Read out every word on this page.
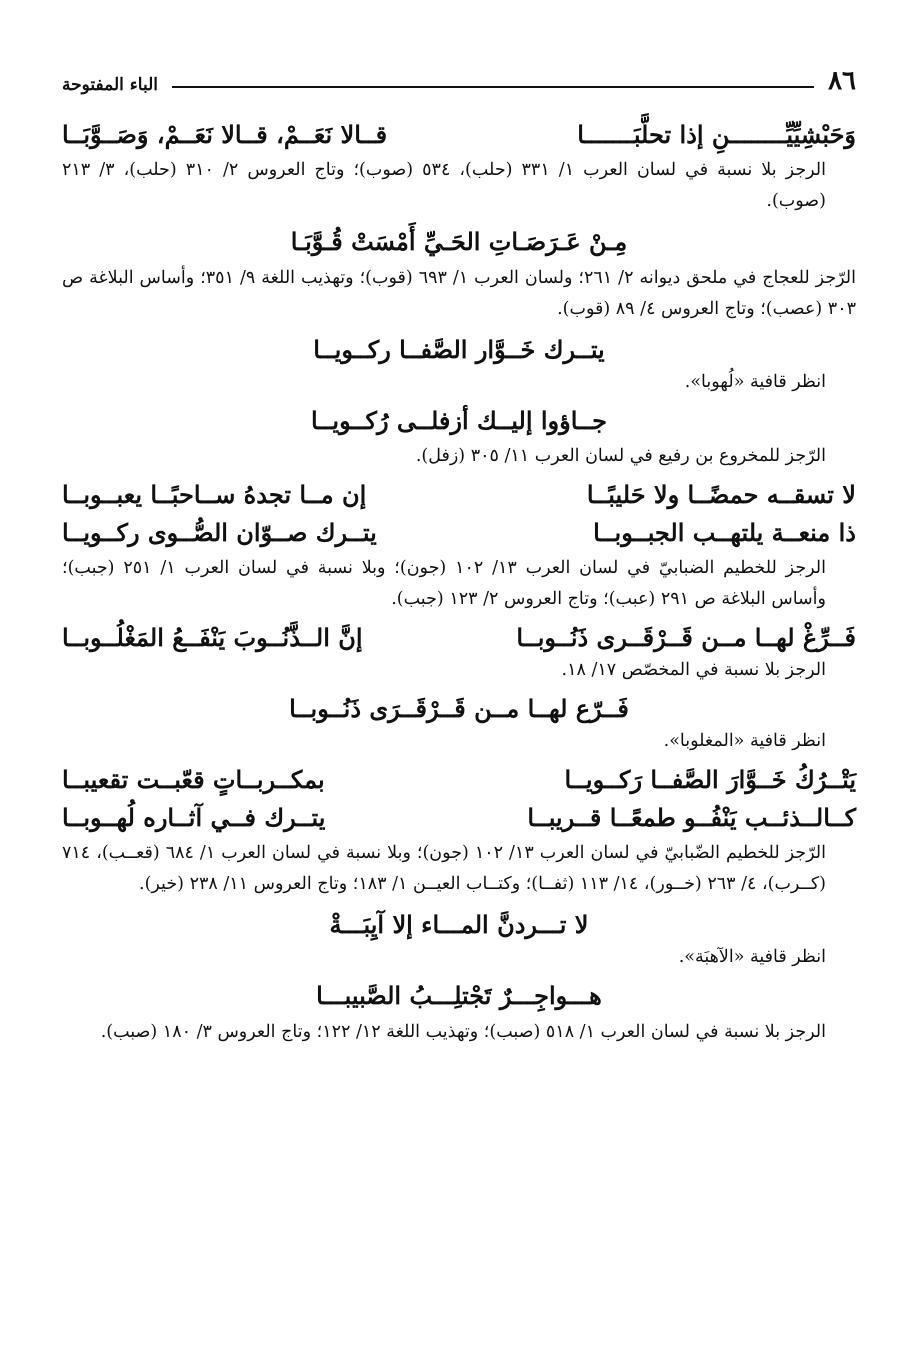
٨٦
الباء المفتوحة
وَحَبْشِيِّيِّــــــــنِ إذا تحلَّبَـــــــا
قــالا نَعَــمْ، قــالا نَعَــمْ، وَصَــوَّبَــا

الرجز بلا نسبة في لسان العرب ١/ ٣٣١ (حلب)، ٥٣٤ (صوب)؛ وتاج العروس ٢/ ٣١٠ (حلب)، ٣/ ٢١٣ (صوب).

مِـنْ عَـرَصَـاتِ الحَـيِّ أَمْسَتْ قُـوَّبَـا

الرّجز للعجاج في ملحق ديوانه ٢/ ٢٦١؛ ولسان العرب ١/ ٦٩٣ (قوب)؛ وتهذيب اللغة ٩/ ٣٥١؛ وأساس البلاغة ص ٣٠٣ (عصب)؛ وتاج العروس ٤/ ٨٩ (قوب).

يتــرك خَــوَّار الصَّفــا ركــويــا

انظر قافية «لُهوبا».

جــاؤوا إليــك أزفلــى رُكــويــا

الرّجز للمخروع بن رفيع في لسان العرب ١١/ ٣٠٥ (زفل).

لا تسقــه حمضًــا ولا حَليبًــا
إن مــا تجدهُ ســاحبًــا يعبــوبــا
ذا منعــة يلتهــب الجبــوبــا
يتــرك صــوّان الصُّــوى ركــويــا

الرجز للخطيم الضبابيّ في لسان العرب ١٣/ ١٠٢ (جون)؛ وبلا نسبة في لسان العرب ١/ ٢٥١ (جبب)؛ وأساس البلاغة ص ٢٩١ (عبب)؛ وتاج العروس ٢/ ١٢٣ (جبب).

فَــرِّغْ لهــا مــن قَــرْقَــرى ذَنُــوبــا
إنَّ الــذَّنُــوبَ يَنْفَــعُ المَغْلُــوبــا

الرجز بلا نسبة في المخصّص ١٧/ ١٨.

فَــرّع لهــا مــن قَــرْقَــرَى ذَنُــوبــا

انظر قافية «المغلوبا».

يَتْــرُكُ خَــوَّارَ الصَّفــا رَكــويــا
بمكــربــاتٍ قعّبــت تقعيبــا
كــالــذئــب يَنْفُــو طمعًــا قــريبــا
يتــرك فــي آثــاره لُهــوبــا

الرّجز للخطيم الضّبابيّ في لسان العرب ١٣/ ١٠٢ (جون)؛ وبلا نسبة في لسان العرب ١/ ٦٨٤ (قعــب)، ٧١٤ (كــرب)، ٤/ ٢٦٣ (خــور)، ١٤/ ١١٣ (ثفــا)؛ وكتــاب العيــن ١/ ١٨٣؛ وتاج العروس ١١/ ٢٣٨ (خير).

لا تـــردنَّ المـــاء إلا آيِبَـــةْ

انظر قافية «الآهبَة».

هـــواجِـــرٌ تَجْتلِـــبُ الصَّبيبـــا

الرجز بلا نسبة في لسان العرب ١/ ٥١٨ (صبب)؛ وتهذيب اللغة ١٢/ ١٢٢؛ وتاج العروس ٣/ ١٨٠ (صبب).
